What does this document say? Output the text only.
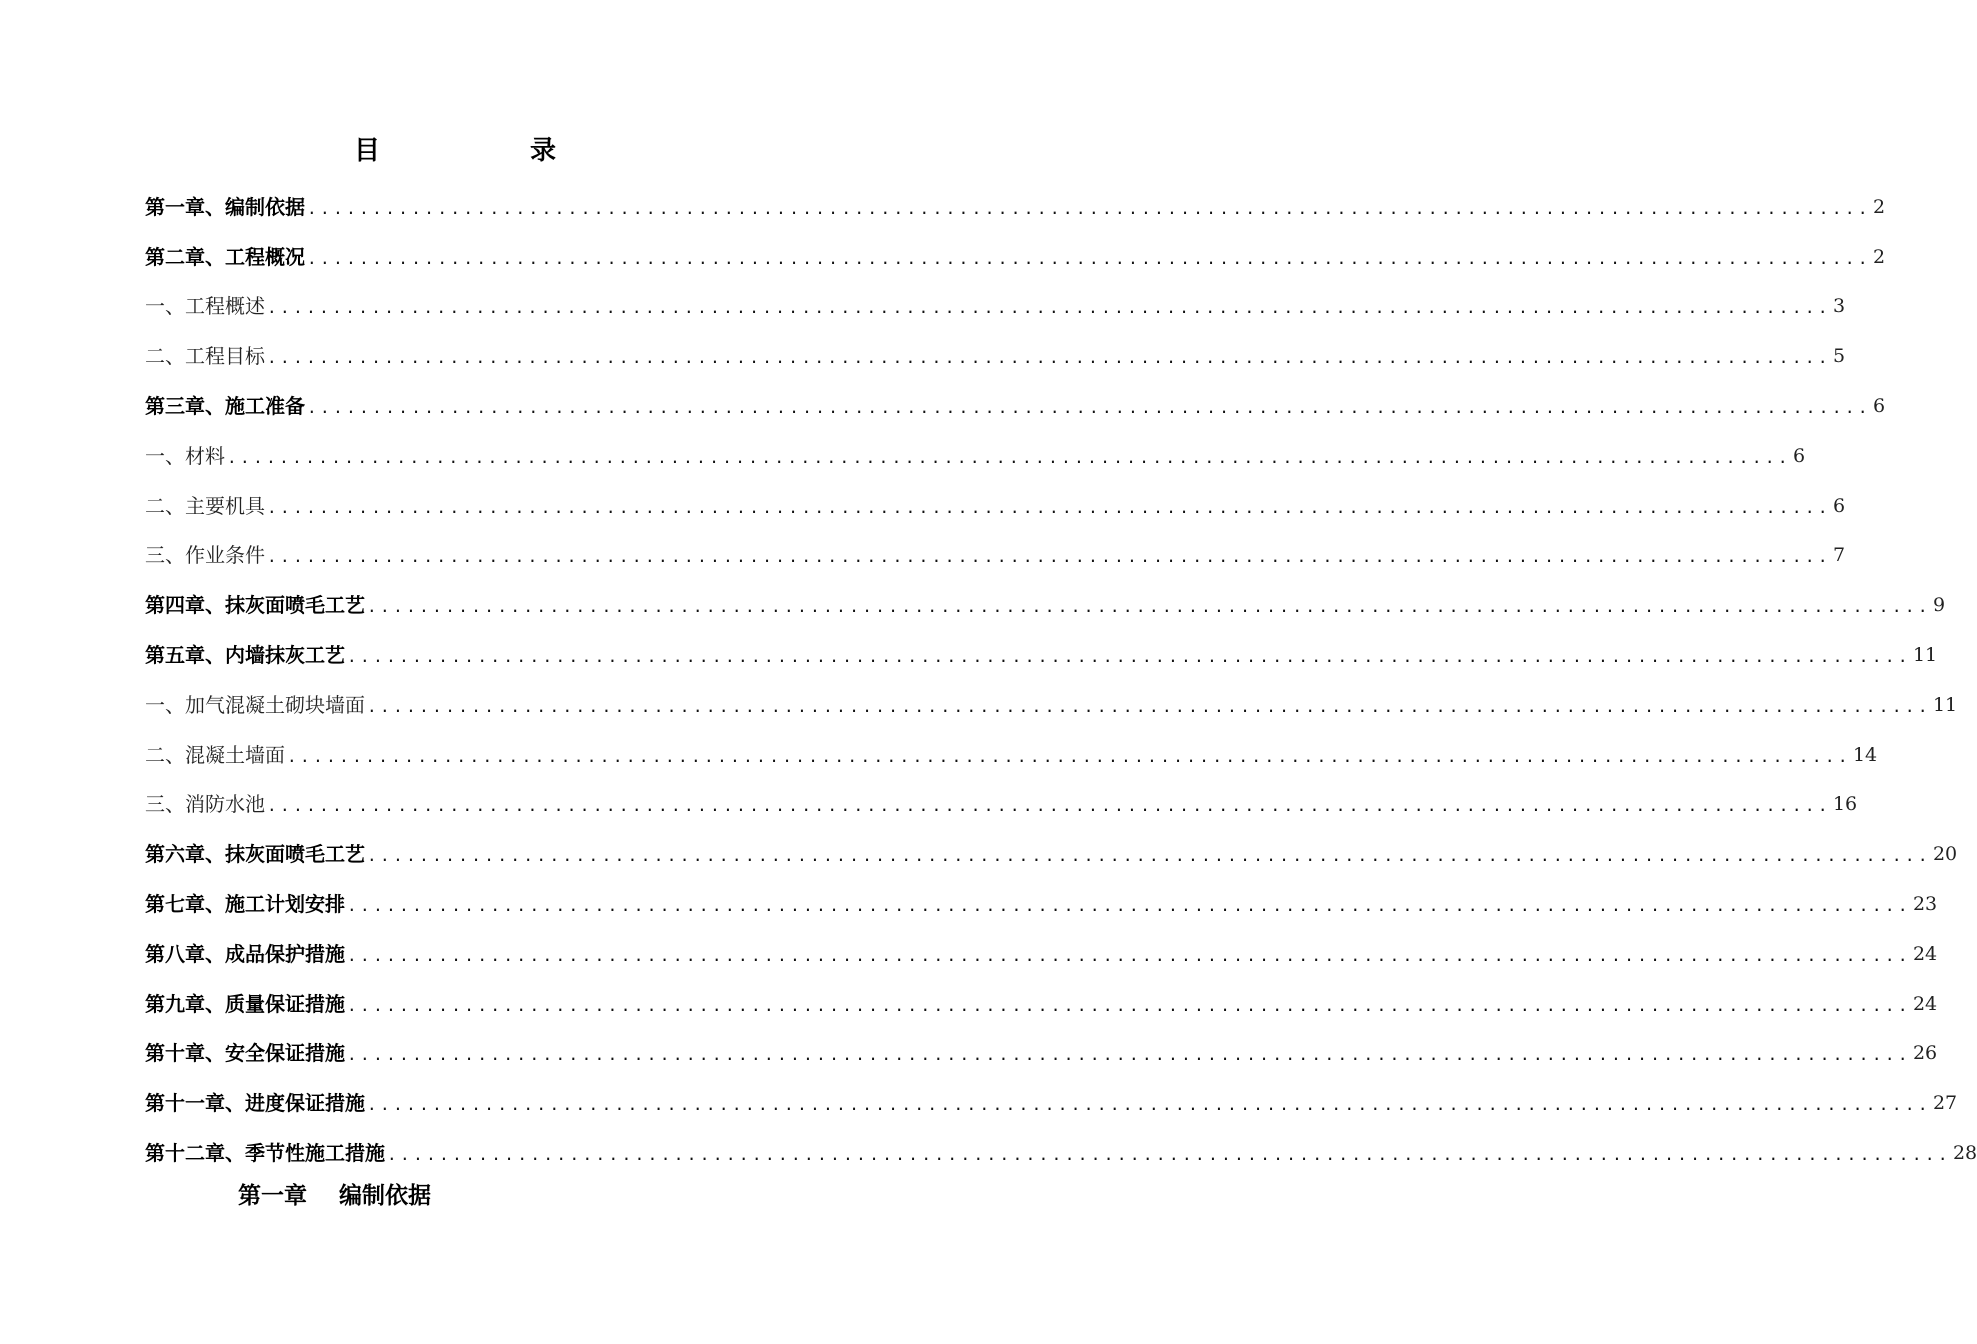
目	录
第一章、编制依据 ........................................................................................................................ 2
第二章、工程概况 ........................................................................................................................ 2
一、工程概述 ........................................................................................................................ 3
二、工程目标 ........................................................................................................................ 5
第三章、施工准备 ........................................................................................................................ 6
一、材料 ........................................................................................................................ 6
二、主要机具 ........................................................................................................................ 6
三、作业条件 ........................................................................................................................ 7
第四章、抹灰面喷毛工艺 ........................................................................................................................ 9
第五章、内墙抹灰工艺 ........................................................................................................................ 11
一、加气混凝土砌块墙面 ........................................................................................................................ 11
二、混凝土墙面 ........................................................................................................................ 14
三、消防水池 ........................................................................................................................ 16
第六章、抹灰面喷毛工艺 ........................................................................................................................ 20
第七章、施工计划安排 ........................................................................................................................ 23
第八章、成品保护措施 ........................................................................................................................ 24
第九章、质量保证措施 ........................................................................................................................ 24
第十章、安全保证措施 ........................................................................................................................ 26
第十一章、进度保证措施 ........................................................................................................................ 27
第十二章、季节性施工措施 ........................................................................................................................ 28
第一章    编制依据
